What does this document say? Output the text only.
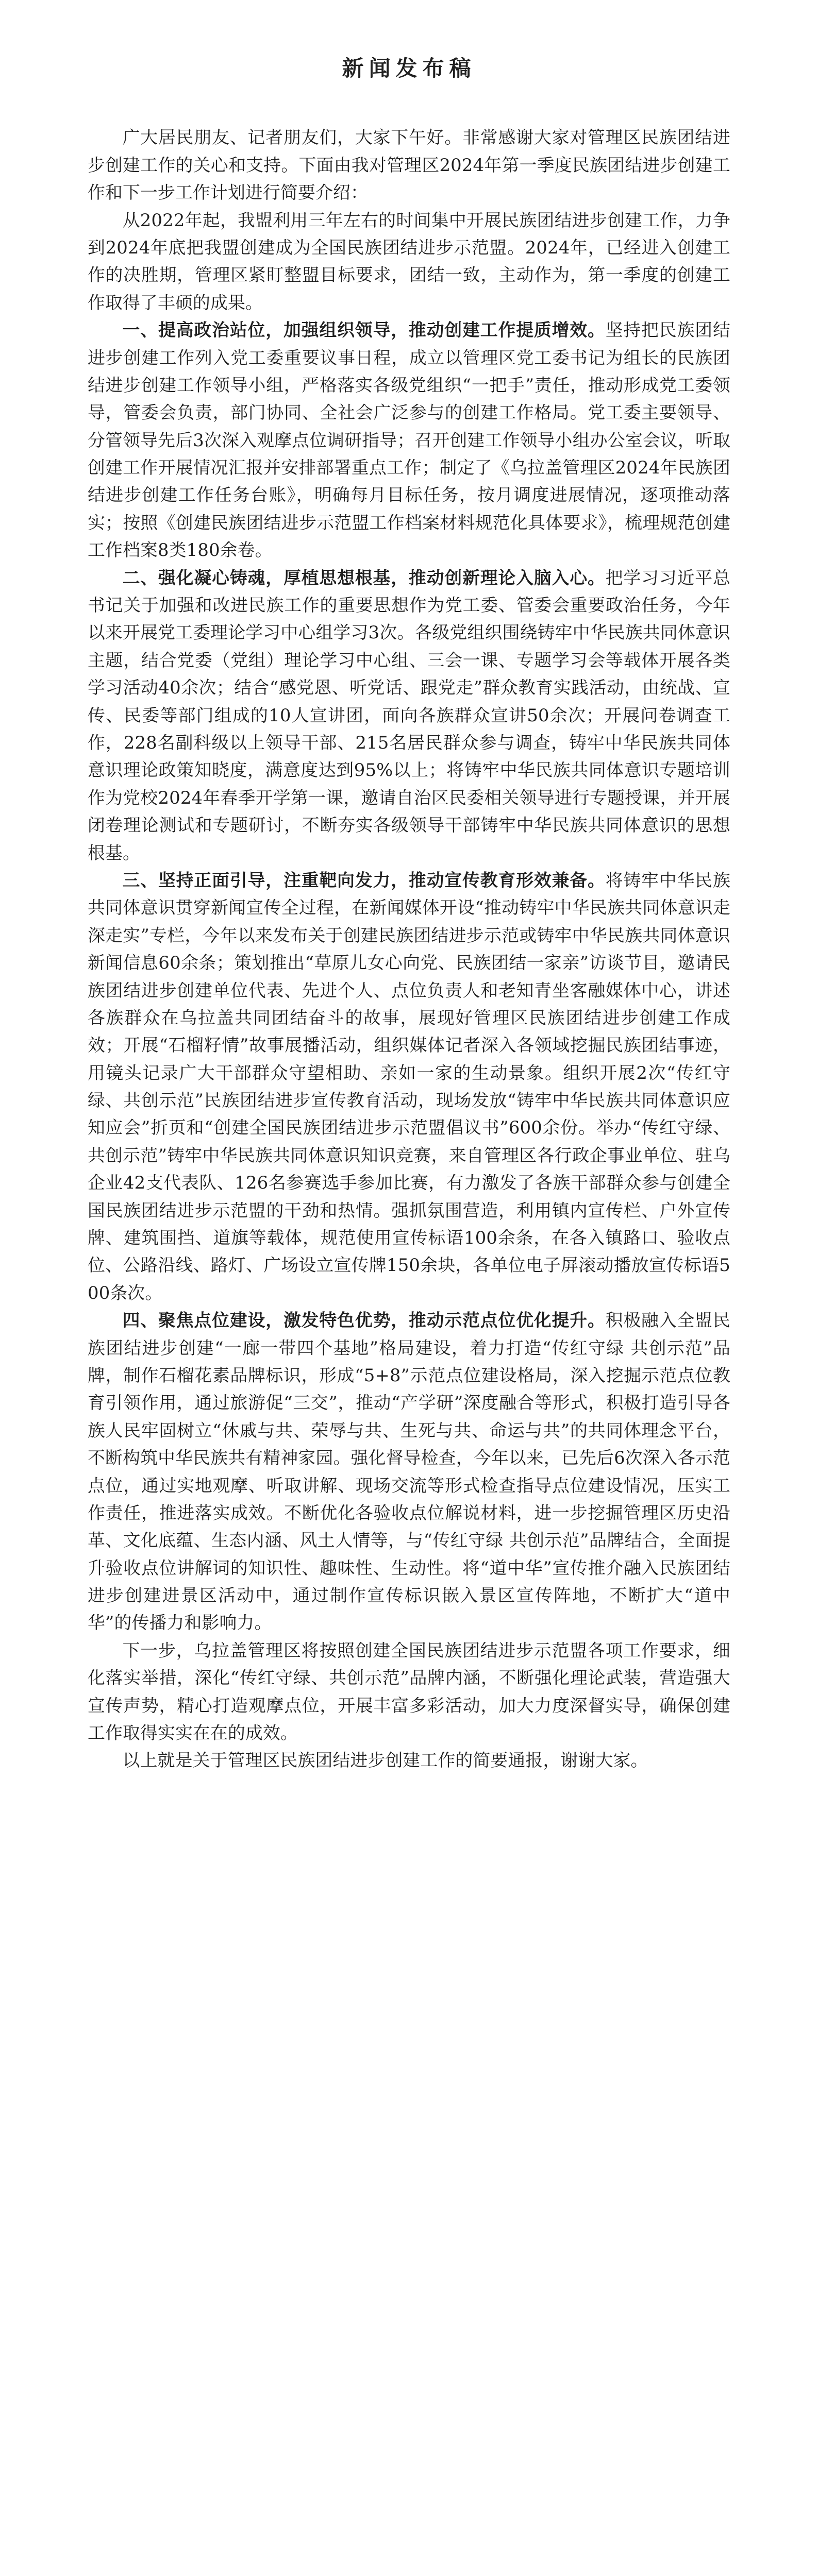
新闻发布稿

广大居民朋友、记者朋友们，大家下午好。非常感谢大家对管理区民族团结进步创建工作的关心和支持。下面由我对管理区2024年第一季度民族团结进步创建工作和下一步工作计划进行简要介绍：

从2022年起，我盟利用三年左右的时间集中开展民族团结进步创建工作，力争到2024年底把我盟创建成为全国民族团结进步示范盟。2024年，已经进入创建工作的决胜期，管理区紧盯整盟目标要求，团结一致，主动作为，第一季度的创建工作取得了丰硕的成果。

一、提高政治站位，加强组织领导，推动创建工作提质增效。坚持把民族团结进步创建工作列入党工委重要议事日程，成立以管理区党工委书记为组长的民族团结进步创建工作领导小组，严格落实各级党组织“一把手”责任，推动形成党工委领导，管委会负责，部门协同、全社会广泛参与的创建工作格局。党工委主要领导、分管领导先后3次深入观摩点位调研指导；召开创建工作领导小组办公室会议，听取创建工作开展情况汇报并安排部署重点工作；制定了《乌拉盖管理区2024年民族团结进步创建工作任务台账》，明确每月目标任务，按月调度进展情况，逐项推动落实；按照《创建民族团结进步示范盟工作档案材料规范化具体要求》，梳理规范创建工作档案8类180余卷。

二、强化凝心铸魂，厚植思想根基，推动创新理论入脑入心。把学习习近平总书记关于加强和改进民族工作的重要思想作为党工委、管委会重要政治任务，今年以来开展党工委理论学习中心组学习3次。各级党组织围绕铸牢中华民族共同体意识主题，结合党委（党组）理论学习中心组、三会一课、专题学习会等载体开展各类学习活动40余次；结合“感党恩、听党话、跟党走”群众教育实践活动，由统战、宣传、民委等部门组成的10人宣讲团，面向各族群众宣讲50余次；开展问卷调查工作，228名副科级以上领导干部、215名居民群众参与调查，铸牢中华民族共同体意识理论政策知晓度，满意度达到95%以上；将铸牢中华民族共同体意识专题培训作为党校2024年春季开学第一课，邀请自治区民委相关领导进行专题授课，并开展闭卷理论测试和专题研讨，不断夯实各级领导干部铸牢中华民族共同体意识的思想根基。

三、坚持正面引导，注重靶向发力，推动宣传教育形效兼备。将铸牢中华民族共同体意识贯穿新闻宣传全过程，在新闻媒体开设“推动铸牢中华民族共同体意识走深走实”专栏，今年以来发布关于创建民族团结进步示范或铸牢中华民族共同体意识新闻信息60余条；策划推出“草原儿女心向党、民族团结一家亲”访谈节目，邀请民族团结进步创建单位代表、先进个人、点位负责人和老知青坐客融媒体中心，讲述各族群众在乌拉盖共同团结奋斗的故事，展现好管理区民族团结进步创建工作成效；开展“石榴籽情”故事展播活动，组织媒体记者深入各领域挖掘民族团结事迹，用镜头记录广大干部群众守望相助、亲如一家的生动景象。组织开展2次“传红守绿、共创示范”民族团结进步宣传教育活动，现场发放“铸牢中华民族共同体意识应知应会”折页和“创建全国民族团结进步示范盟倡议书”600余份。举办“传红守绿、共创示范”铸牢中华民族共同体意识知识竞赛，来自管理区各行政企事业单位、驻乌企业42支代表队、126名参赛选手参加比赛，有力激发了各族干部群众参与创建全国民族团结进步示范盟的干劲和热情。强抓氛围营造，利用镇内宣传栏、户外宣传牌、建筑围挡、道旗等载体，规范使用宣传标语100余条，在各入镇路口、验收点位、公路沿线、路灯、广场设立宣传牌150余块，各单位电子屏滚动播放宣传标语500条次。

四、聚焦点位建设，激发特色优势，推动示范点位优化提升。积极融入全盟民族团结进步创建“一廊一带四个基地”格局建设，着力打造“传红守绿 共创示范”品牌，制作石榴花素品牌标识，形成“5+8”示范点位建设格局，深入挖掘示范点位教育引领作用，通过旅游促“三交”，推动“产学研”深度融合等形式，积极打造引导各族人民牢固树立“休戚与共、荣辱与共、生死与共、命运与共”的共同体理念平台，不断构筑中华民族共有精神家园。强化督导检查，今年以来，已先后6次深入各示范点位，通过实地观摩、听取讲解、现场交流等形式检查指导点位建设情况，压实工作责任，推进落实成效。不断优化各验收点位解说材料，进一步挖掘管理区历史沿革、文化底蕴、生态内涵、风土人情等，与“传红守绿 共创示范”品牌结合，全面提升验收点位讲解词的知识性、趣味性、生动性。将“道中华”宣传推介融入民族团结进步创建进景区活动中，通过制作宣传标识嵌入景区宣传阵地，不断扩大“道中华”的传播力和影响力。

下一步，乌拉盖管理区将按照创建全国民族团结进步示范盟各项工作要求，细化落实举措，深化“传红守绿、共创示范”品牌内涵，不断强化理论武装，营造强大宣传声势，精心打造观摩点位，开展丰富多彩活动，加大力度深督实导，确保创建工作取得实实在在的成效。

以上就是关于管理区民族团结进步创建工作的简要通报，谢谢大家。
